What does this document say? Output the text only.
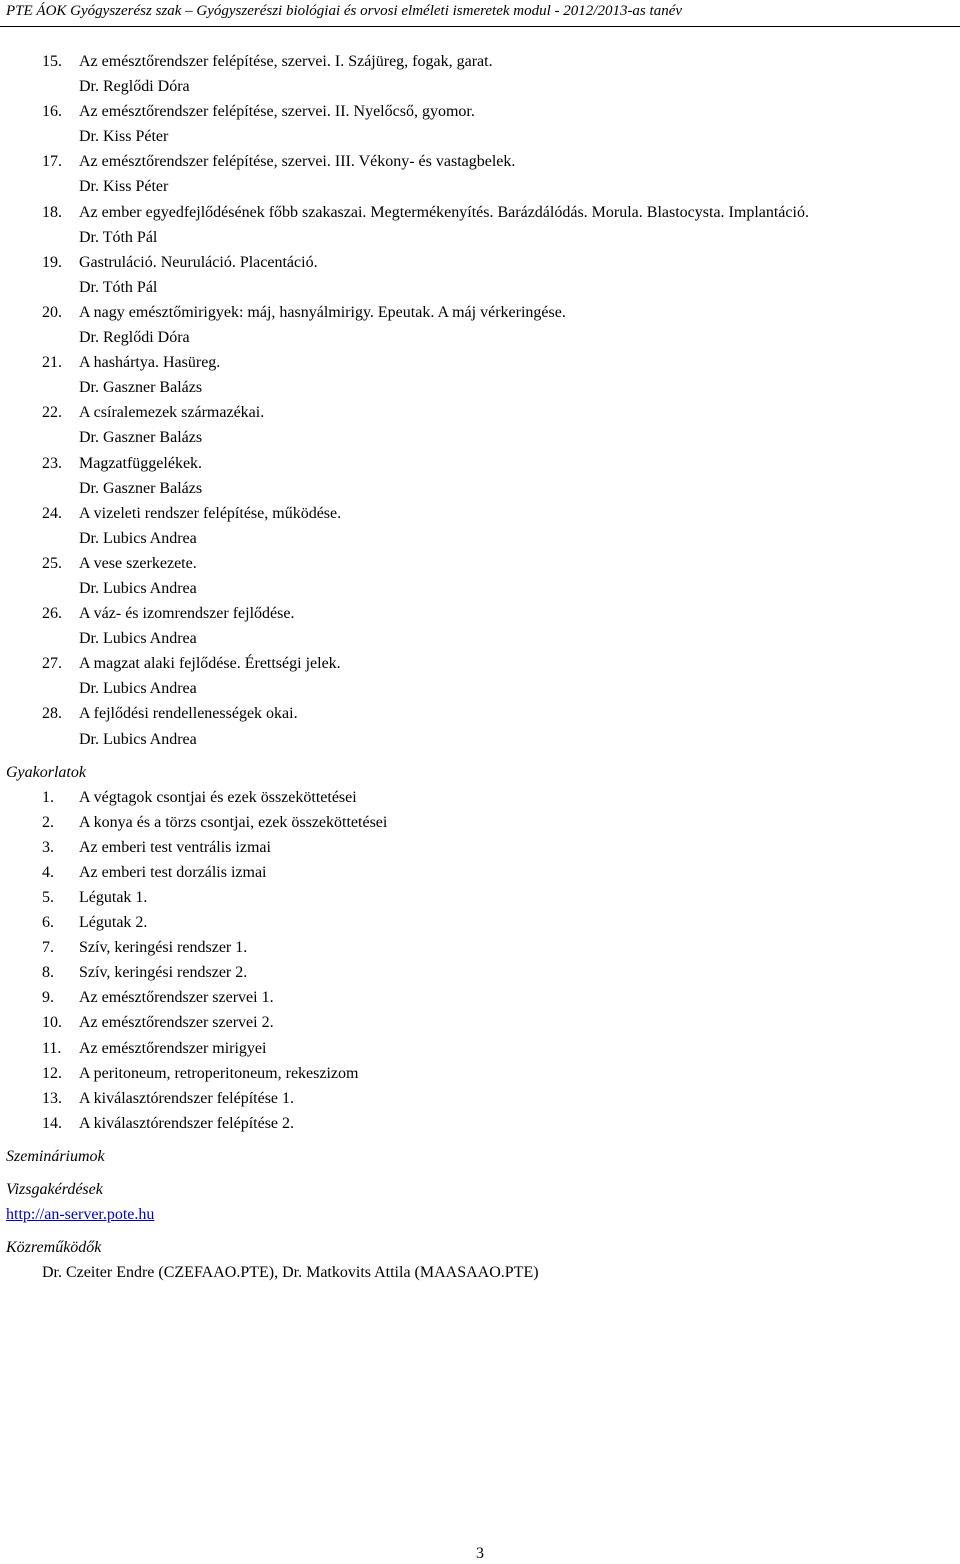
PTE ÁOK Gyógyszerész szak – Gyógyszerészi biológiai és orvosi elméleti ismeretek modul - 2012/2013-as tanév
15. Az emésztőrendszer felépítése, szervei. I. Szájüreg, fogak, garat.
Dr. Reglődi Dóra
16. Az emésztőrendszer felépítése, szervei. II. Nyelőcső, gyomor.
Dr. Kiss Péter
17. Az emésztőrendszer felépítése, szervei. III. Vékony- és vastagbelek.
Dr. Kiss Péter
18. Az ember egyedfejlődésének főbb szakaszai. Megtermékenyítés. Barázdálódás. Morula. Blastocysta. Implantáció.
Dr. Tóth Pál
19. Gastruláció. Neuruláció. Placentáció.
Dr. Tóth Pál
20. A nagy emésztőmirigyek: máj, hasnyálmirigy. Epeutak. A máj vérkeringése.
Dr. Reglődi Dóra
21. A hashártya. Hasüreg.
Dr. Gaszner Balázs
22. A csíralemezek származékai.
Dr. Gaszner Balázs
23. Magzatfüggelékek.
Dr. Gaszner Balázs
24. A vizeleti rendszer felépítése, működése.
Dr. Lubics Andrea
25. A vese szerkezete.
Dr. Lubics Andrea
26. A váz- és izomrendszer fejlődése.
Dr. Lubics Andrea
27. A magzat alaki fejlődése. Érettségi jelek.
Dr. Lubics Andrea
28. A fejlődési rendellenességek okai.
Dr. Lubics Andrea
Gyakorlatok
1. A végtagok csontjai és ezek összeköttetései
2. A konya és a törzs csontjai, ezek összeköttetései
3. Az emberi test ventrális izmai
4. Az emberi test dorzális izmai
5. Légutak 1.
6. Légutak 2.
7. Szív, keringési rendszer 1.
8. Szív, keringési rendszer 2.
9. Az emésztőrendszer szervei 1.
10. Az emésztőrendszer szervei 2.
11. Az emésztőrendszer mirigyei
12. A peritoneum, retroperitoneum, rekeszizom
13. A kiválasztórendszer felépítése 1.
14. A kiválasztórendszer felépítése 2.
Szemináriumok
Vizsgakérdések
http://an-server.pote.hu
Közreműködők
Dr. Czeiter Endre (CZEFAAO.PTE), Dr. Matkovits Attila (MAASAAO.PTE)
3
